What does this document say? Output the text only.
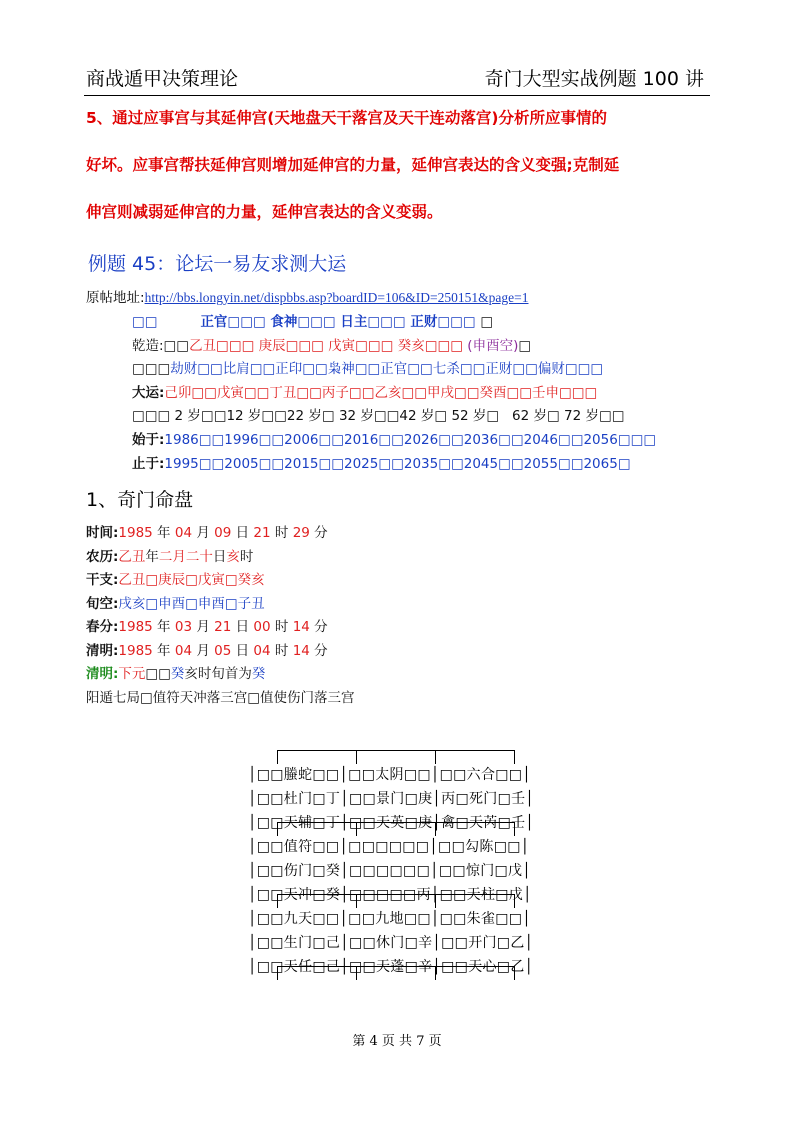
商战遁甲决策理论	奇门大型实战例题 100 讲
5、通过应事宫与其延伸宫(天地盘天干落宫及天干连动落宫)分析所应事情的
好坏。应事宫帮扶延伸宫则增加延伸宫的力量，延伸宫表达的含义变强;克制延
伸宫则减弱延伸宫的力量，延伸宫表达的含义变弱。
例题 45：论坛一易友求测大运
原帖地址:http://bbs.longyin.net/dispbbs.asp?boardID=106&ID=250151&page=1
□□          正官□□□ 食神□□□ 日主□□□ 正财□□□ □
乾造:□□乙丑□□□ 庚辰□□□ 戊寅□□□ 癸亥□□□ (申酉空)□
□□□劫财□□比肩□□正印□□枭神□□正官□□七杀□□正财□□偏财□□□
大运:己卯□□戊寅□□丁丑□□丙子□□乙亥□□甲戌□□癸酉□□壬申□□□
□□□ 2 岁□□12 岁□□22 岁□ 32 岁□□42 岁□ 52 岁□   62 岁□ 72 岁□□
始于:1986□□1996□□2006□□2016□□2026□□2036□□2046□□2056□□□
止于:1995□□2005□□2015□□2025□□2035□□2045□□2055□□2065□
1、奇门命盘
时间:1985 年 04 月 09 日 21 时 29 分
农历:乙丑年二月二十日亥时
干支:乙丑□庚辰□戊寅□癸亥
旬空:戌亥□申酉□申酉□子丑
春分:1985 年 03 月 21 日 00 时 14 分
清明:1985 年 04 月 05 日 04 时 14 分
清明:下元□□癸亥时旬首为癸
阳遁七局□值符天冲落三宫□值使伤门落三宫
│□□螣蛇□□│□□太阴□□│□□六合□□│
│□□杜门□丁│□□景门□庚│丙□死门□壬│
│□□天辅□丁│□□天英□庚│禽□天芮□壬│
│□□值符□□│□□□□□□│□□勾陈□□│
│□□伤门□癸│□□□□□□│□□惊门□戊│
│□□天冲□癸│□□□□□丙│□□天柱□戊│
│□□九天□□│□□九地□□│□□朱雀□□│
│□□生门□己│□□休门□辛│□□开门□乙│
│□□天任□己│□□天蓬□辛│□□天心□乙│
第 4 页 共 7 页
